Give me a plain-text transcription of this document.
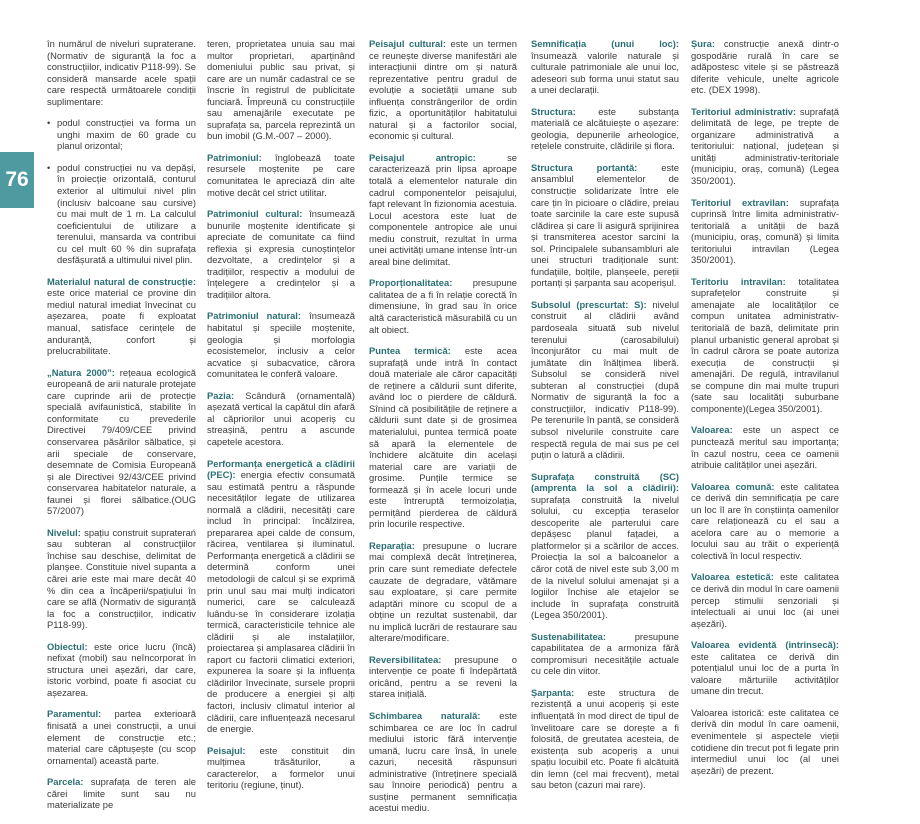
76

în numărul de niveluri supraterane. (Normativ de siguranță la foc a construcțiilor, indicativ P118-99). Se consideră mansarde acele spații care respectă următoarele condiții suplimentare:

• podul construcției va forma un unghi maxim de 60 grade cu planul orizontal;
• podul construcției nu va depăși, în proiecție orizontală, conturul exterior al ultimului nivel plin (inclusiv balcoane sau cursive) cu mai mult de 1 m. La calculul coeficientului de utilizare a terenului, mansarda va contribui cu cel mult 60 % din suprafața desfășurată a ultimului nivel plin.

Materialul natural de construcție: este orice material ce provine din mediul natural imediat învecinat cu așezarea, poate fi exploatat manual, satisface cerințele de anduranță, confort și prelucrabilitate.

„Natura 2000”: rețeaua ecologică europeană de arii naturale protejate care cuprinde arii de protecție specială avifaunistică, stabilite în conformitate cu prevederile Directivei 79/409/CEE privind conservarea păsărilor sălbatice, și arii speciale de conservare, desemnate de Comisia Europeană și ale Directivei 92/43/CEE privind conservarea habitatelor naturale, a faunei și florei sălbatice.(OUG 57/2007)

Nivelul: spațiu construit supraterań sau subteran al construcţiilor închise sau deschise, delimitat de planşee. Constituie nivel supanta a cărei arie este mai mare decât 40 % din cea a încăperii/spațiului în care se află (Normativ de siguranță la foc a construcțiilor, indicativ P118-99).

Obiectul: este orice lucru (încă) nefixat (mobil) sau neîncorporat în structura unei așezări, dar care, istoric vorbind, poate fi asociat cu așezarea.

Paramentul: partea exterioară finisată a unei construcții, a unui element de construcție etc.; material care căptușește (cu scop ornamental) această parte.

Parcela: suprafața de teren ale cărei limite sunt sau nu materializate pe

teren, proprietatea unuia sau mai multor proprietari, aparținând domeniului public sau privat, și care are un număr cadastral ce se înscrie în registrul de publicitate funciară. Împreună cu construcțiile sau amenajările executate pe suprafața sa, parcela reprezintă un bun imobil (G.M.-007 – 2000).

Patrimoniul: înglobează toate resursele moștenite pe care comunitatea le apreciază din alte motive decât cel strict utilitar.

Patrimoniul cultural: însumează bunurile moștenite identificate și apreciate de comunitate ca fiind reflexia și expresia cunoștințelor dezvoltate, a credințelor și a tradițiilor, respectiv a modului de înțelegere a credințelor și a tradițiilor altora.

Patrimoniul natural: însumează habitatul și speciile moștenite, geologia și morfologia ecosistemelor, inclusiv a celor acvatice și subacvatice, cărora comunitatea le conferă valoare.

Pazia: Scândură (ornamentală) așezată vertical la capătul din afară al căpriorilor unui acoperiș cu streașină, pentru a ascunde capetele acestora.

Performanța energetică a clădirii (PEC): energia efectiv consumată sau estimată pentru a răspunde necesităților legate de utilizarea normală a clădirii, necesități care includ în principal: încălzirea, prepararea apei calde de consum, răcirea, ventilarea și iluminatul. Performanța energetică a clădirii se determină conform unei metodologii de calcul și se exprimă prin unul sau mai mulți indicatori numerici, care se calculează luându-se în considerare izolația termică, caracteristicile tehnice ale clădirii și ale instalațiilor, proiectarea și amplasarea clădirii în raport cu factorii climatici exteriori, expunerea la soare și la influența clădirilor învecinate, sursele proprii de producere a energiei și alți factori, inclusiv climatul interior al clădirii, care influențează necesarul de energie.

Peisajul: este constituit din mulțimea trăsăturilor, a caracterelor, a formelor unui teritoriu (regiune, ținut).

Peisajul cultural: este un termen ce reunește diverse manifestări ale interacțiunii dintre om și natură reprezentative pentru gradul de evoluție a societății umane sub influența constrângerilor de ordin fizic, a oportunităților habitatului natural și a factorilor social, economic și cultural.

Peisajul antropic:	se caracterizează prin lipsa aproape totală a elementelor naturale din cadrul componentelor peisajului, fapt relevant în fizionomia acestuia. Locul acestora este luat de componentele antropice ale unui mediu construit, rezultat în urma unei activități umane intense într-un areal bine delimitat.

Proporționalitatea: presupune calitatea de a fi în relație corectă în dimensiune, în grad sau în orice altă caracteristică măsurabilă cu un alt obiect.

Puntea termică: este acea suprafață unde intră în contact două materiale ale căror capacități de reținere a căldurii sunt diferite, având loc o pierdere de căldură. Sînind că posibilitățile de reținere a căldurii sunt date și de grosimea materialului, puntea termică poate să apară la elementele de închidere alcătuite din același material care are variații de grosime. Punțile termice se formează și în acele locuri unde este întreruptă termoizolația, permițând pierderea de căldură prin locurile respective.

Reparația: presupune o lucrare mai complexă decât întreținerea, prin care sunt remediate defectele cauzate de degradare, vătămare sau exploatare, și care permite adaptări minore cu scopul de a obține un rezultat sustenabil, dar nu implică lucrări de restaurare sau alterare/modificare.

Reversibilitatea: presupune o intervenție ce poate fi îndepărtată oricând, pentru a se reveni la starea inițială.

Schimbarea naturală: este schimbarea ce are loc în cadrul mediului istoric fără intervenție umană, lucru care însă, în unele cazuri, necesită răspunsuri administrative (întreținere specială sau înnoire periodică) pentru a susține permanent semnificația acestui mediu.

Semnificația (unui loc): însumează valorile naturale și culturale patrimoniale ale unui loc, adeseori sub forma unui statut sau a unei declarații.

Structura: este substanța materială ce alcătuiește o așezare: geologia, depunerile arheologice, rețelele construite, clădirile și flora.

Structura portantă:	este ansamblul elementelor de construcție solidarizate între ele care țin în picioare o clădire, preiau toate sarcinile la care este supusă clădirea și care îi asigură sprijinirea și transmiterea acestor sarcini la sol. Principalele subansambluri ale unei structuri tradiționale sunt: fundațiile, bolțile, planșeele, pereții portanți și șarpanta sau acoperișul.

Subsolul (prescurtat: S): nivelul construit al clădirii având pardoseala situată sub nivelul terenului (carosabilului) înconjurător cu mai mult de jumătate din înălțimea liberă. Subsolul se consideră nivel subteran al construcției (după Normativ de siguranță la foc a construcțiilor, indicativ P118-99). Pe terenurile în pantă, se consideră subsol nivelurile construite care respectă regula de mai sus pe cel puțin o latură a clădirii.

Suprafața construită (SC) (amprenta la sol a clădirii): suprafața construită la nivelul solului, cu excepția teraselor descoperite ale parterului care depășesc planul fațadei, a platformelor și a scărilor de acces. Proiecția la sol a balcoanelor a căror cotă de nivel este sub 3,00 m de la nivelul solului amenajat și a logiilor închise ale etajelor se include în suprafața construită (Legea 350/2001).

Sustenabilitatea:	presupune capabilitatea de a armoniza fără compromisuri necesitățile actuale cu cele din viitor.

Șarpanta: este structura de rezistență a unui acoperiș și este influențată în mod direct de tipul de învelitoare care se dorește a fi folosită, de greutatea acesteia, de existența sub acoperiș a unui spațiu locuibil etc. Poate fi alcătuită din lemn (cel mai frecvent), metal sau beton (cazuri mai rare).

Șura: construcție anexă dintr-o gospodărie rurală în care se adăpostesc vitele și se păstrează diferite vehicule, unelte agricole etc. (DEX 1998).

Teritoriul administrativ: suprafață delimitată de lege, pe trepte de organizare administrativă a teritoriului: național, județean și unități administrativ-teritoriale (municipiu, oraș, comună) (Legea 350/2001).

Teritoriul extravilan: suprafața cuprinsă între limita administrativ-teritorială a unității de bază (municipiu, oraș, comună) și limita teritoriului intravilan (Legea 350/2001).

Teritoriu intravilan: totalitatea suprafețelor construite și amenajate ale localităților ce compun unitatea administrativ-teritorială de bază, delimitate prin planul urbanistic general aprobat și în cadrul cărora se poate autoriza execuția de construcții și amenajări. De regulă, intravilanul se compune din mai multe trupuri (sate sau localități suburbane componente)(Legea 350/2001).

Valoarea: este un aspect ce punctează meritul sau importanța; în cazul nostru, ceea ce oamenii atribuie calităților unei așezări.

Valoarea comună: este calitatea ce derivă din semnificația pe care un loc îl are în conștiința oamenilor care relaționează cu el sau a acelora care au o memorie a locului sau au trăit o experiență colectivă în locul respectiv.

Valoarea estetică: este calitatea ce derivă din modul în care oamenii percep stimulii senzoriali și intelectuali ai unui loc (ai unei așezări).

Valoarea evidentă (intrinsecă): este calitatea ce derivă din potențialul unui loc de a purta în valoare mărturiile activităților umane din trecut.

Valoarea istorică: este calitatea ce derivă din modul în care oamenii, evenimentele și aspectele vieții cotidiene din trecut pot fi legate prin intermediul unui loc (al unei așezări) de prezent.
